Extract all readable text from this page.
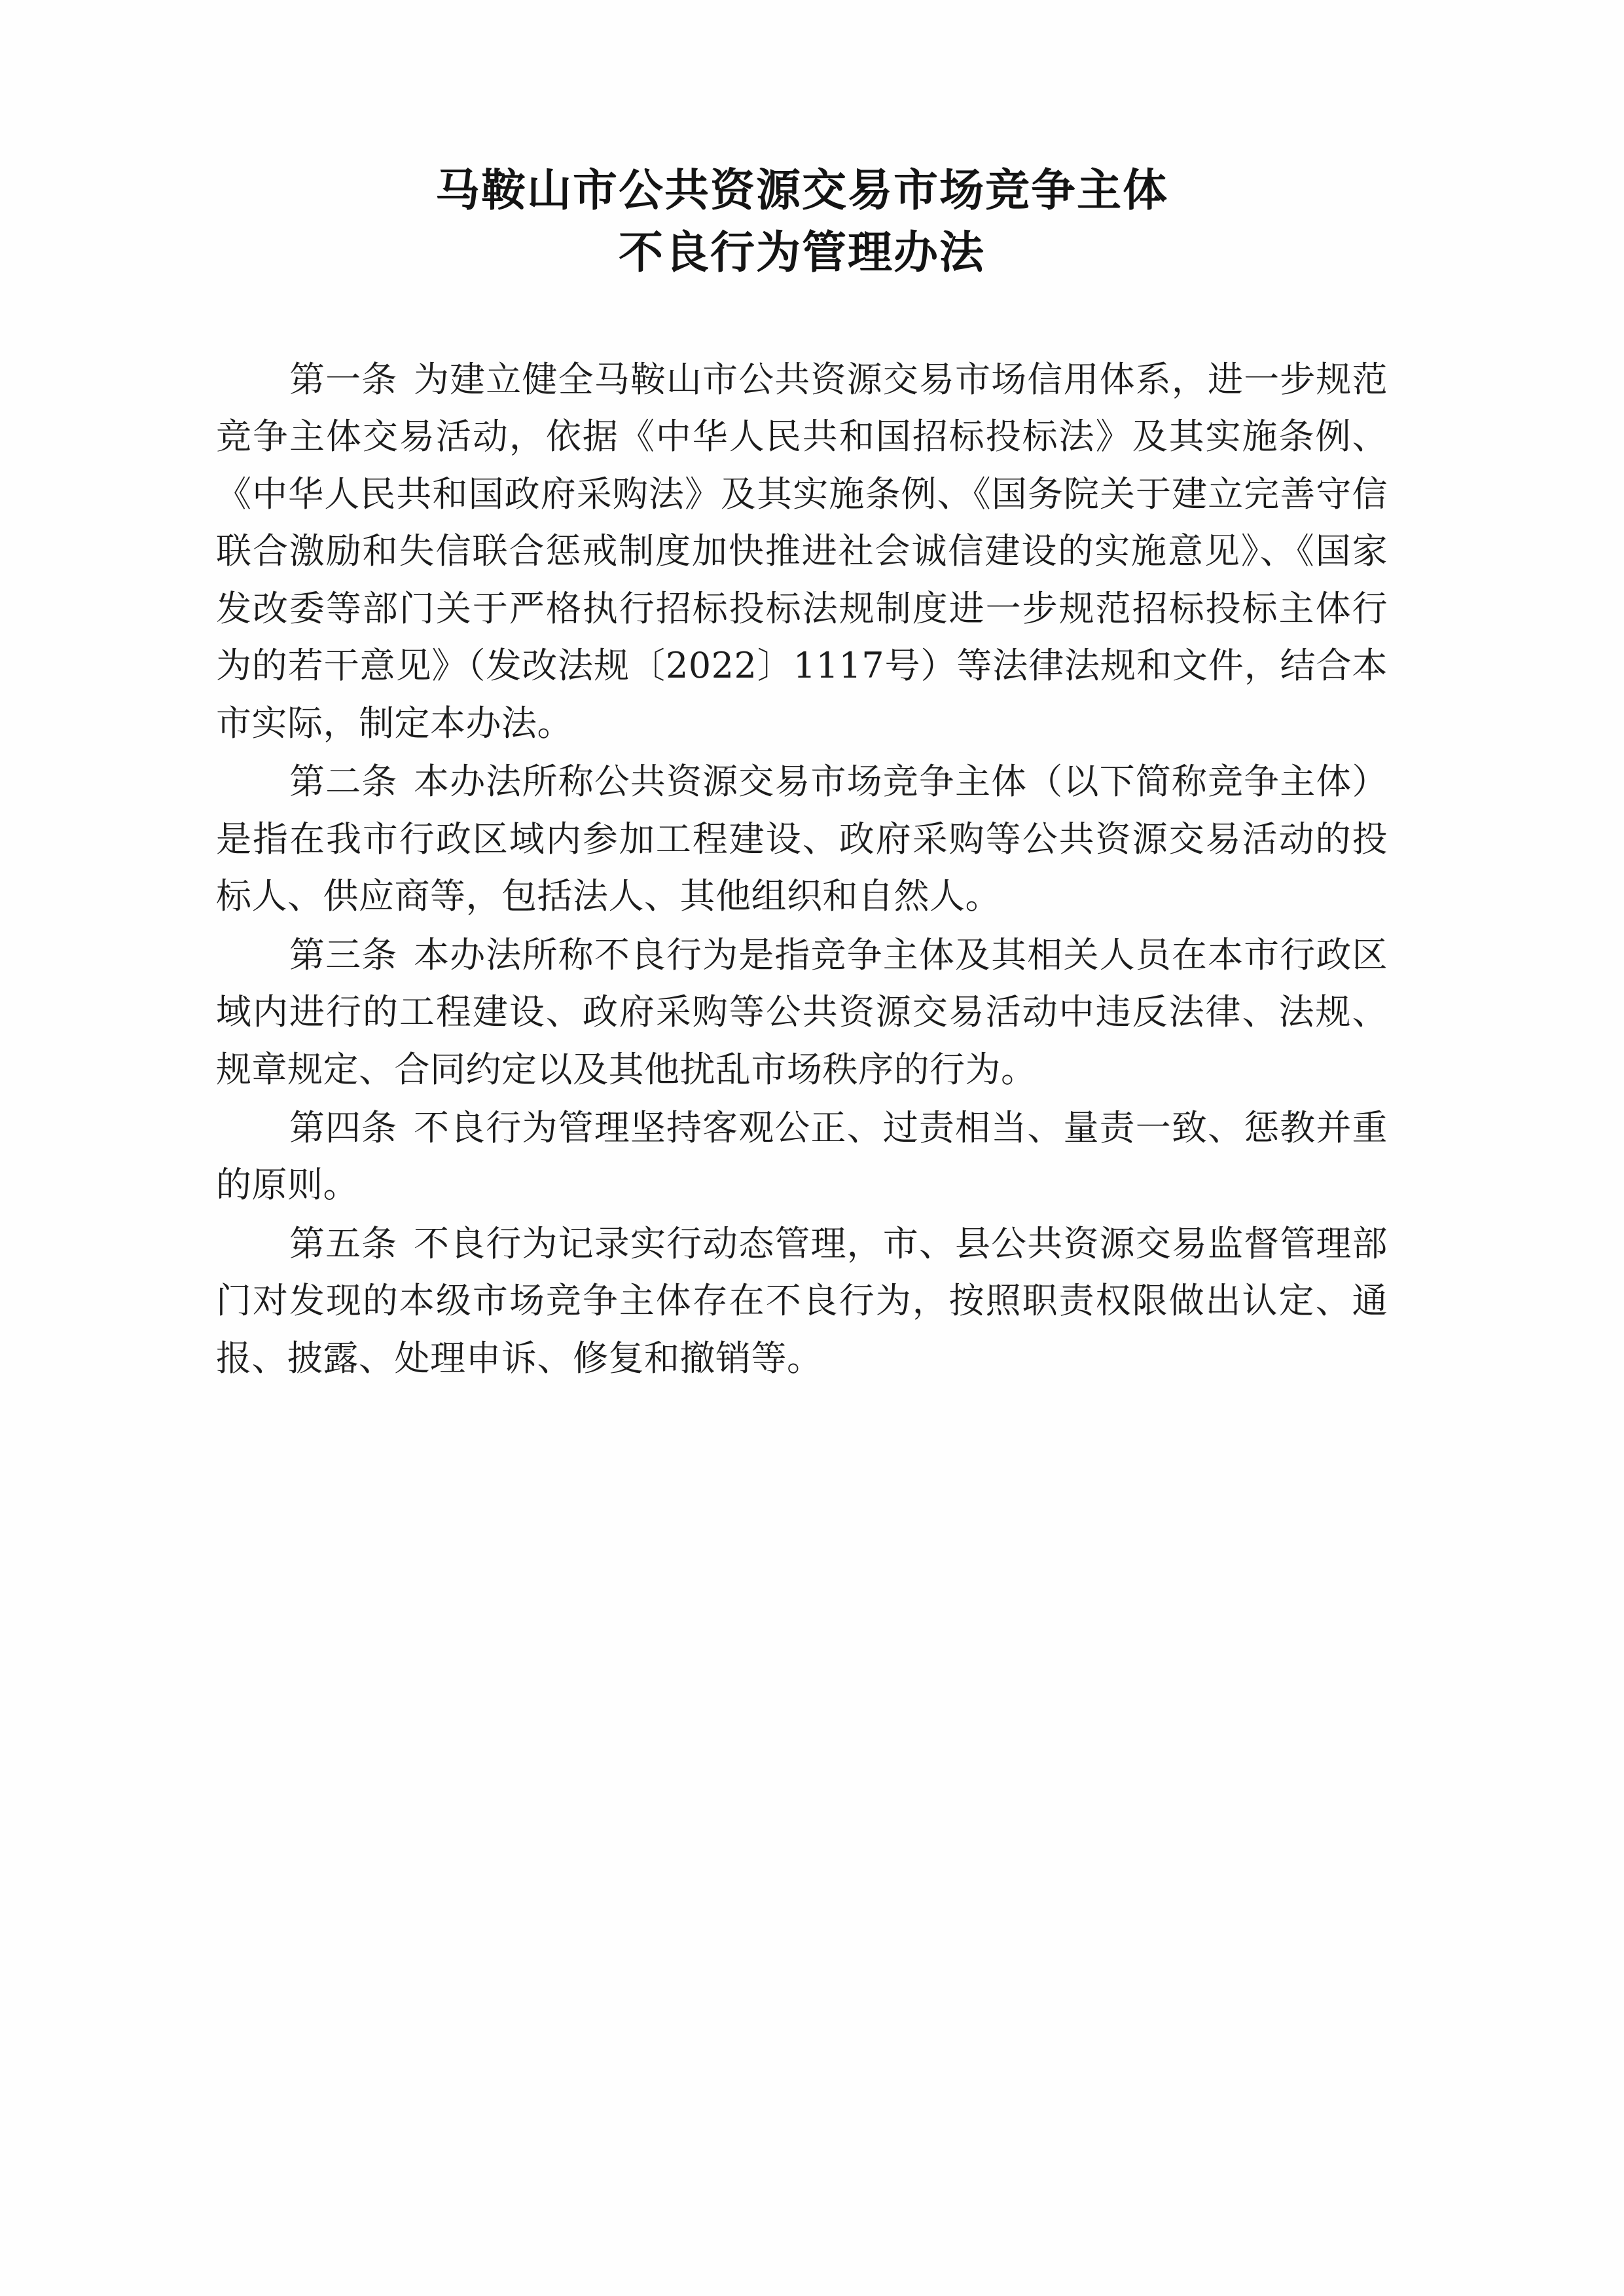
马鞍山市公共资源交易市场竞争主体
不良行为管理办法

第一条 为建立健全马鞍山市公共资源交易市场信用体系，进一步规范竞争主体交易活动，依据《中华人民共和国招标投标法》及其实施条例、《中华人民共和国政府采购法》及其实施条例、《国务院关于建立完善守信联合激励和失信联合惩戒制度加快推进社会诚信建设的实施意见》、《国家发改委等部门关于严格执行招标投标法规制度进一步规范招标投标主体行为的若干意见》（发改法规〔2022〕1117号）等法律法规和文件，结合本市实际，制定本办法。

第二条 本办法所称公共资源交易市场竞争主体（以下简称竞争主体）是指在我市行政区域内参加工程建设、政府采购等公共资源交易活动的投标人、供应商等，包括法人、其他组织和自然人。

第三条 本办法所称不良行为是指竞争主体及其相关人员在本市行政区域内进行的工程建设、政府采购等公共资源交易活动中违反法律、法规、规章规定、合同约定以及其他扰乱市场秩序的行为。

第四条 不良行为管理坚持客观公正、过责相当、量责一致、惩教并重的原则。

第五条 不良行为记录实行动态管理，市、县公共资源交易监督管理部门对发现的本级市场竞争主体存在不良行为，按照职责权限做出认定、通报、披露、处理申诉、修复和撤销等。
